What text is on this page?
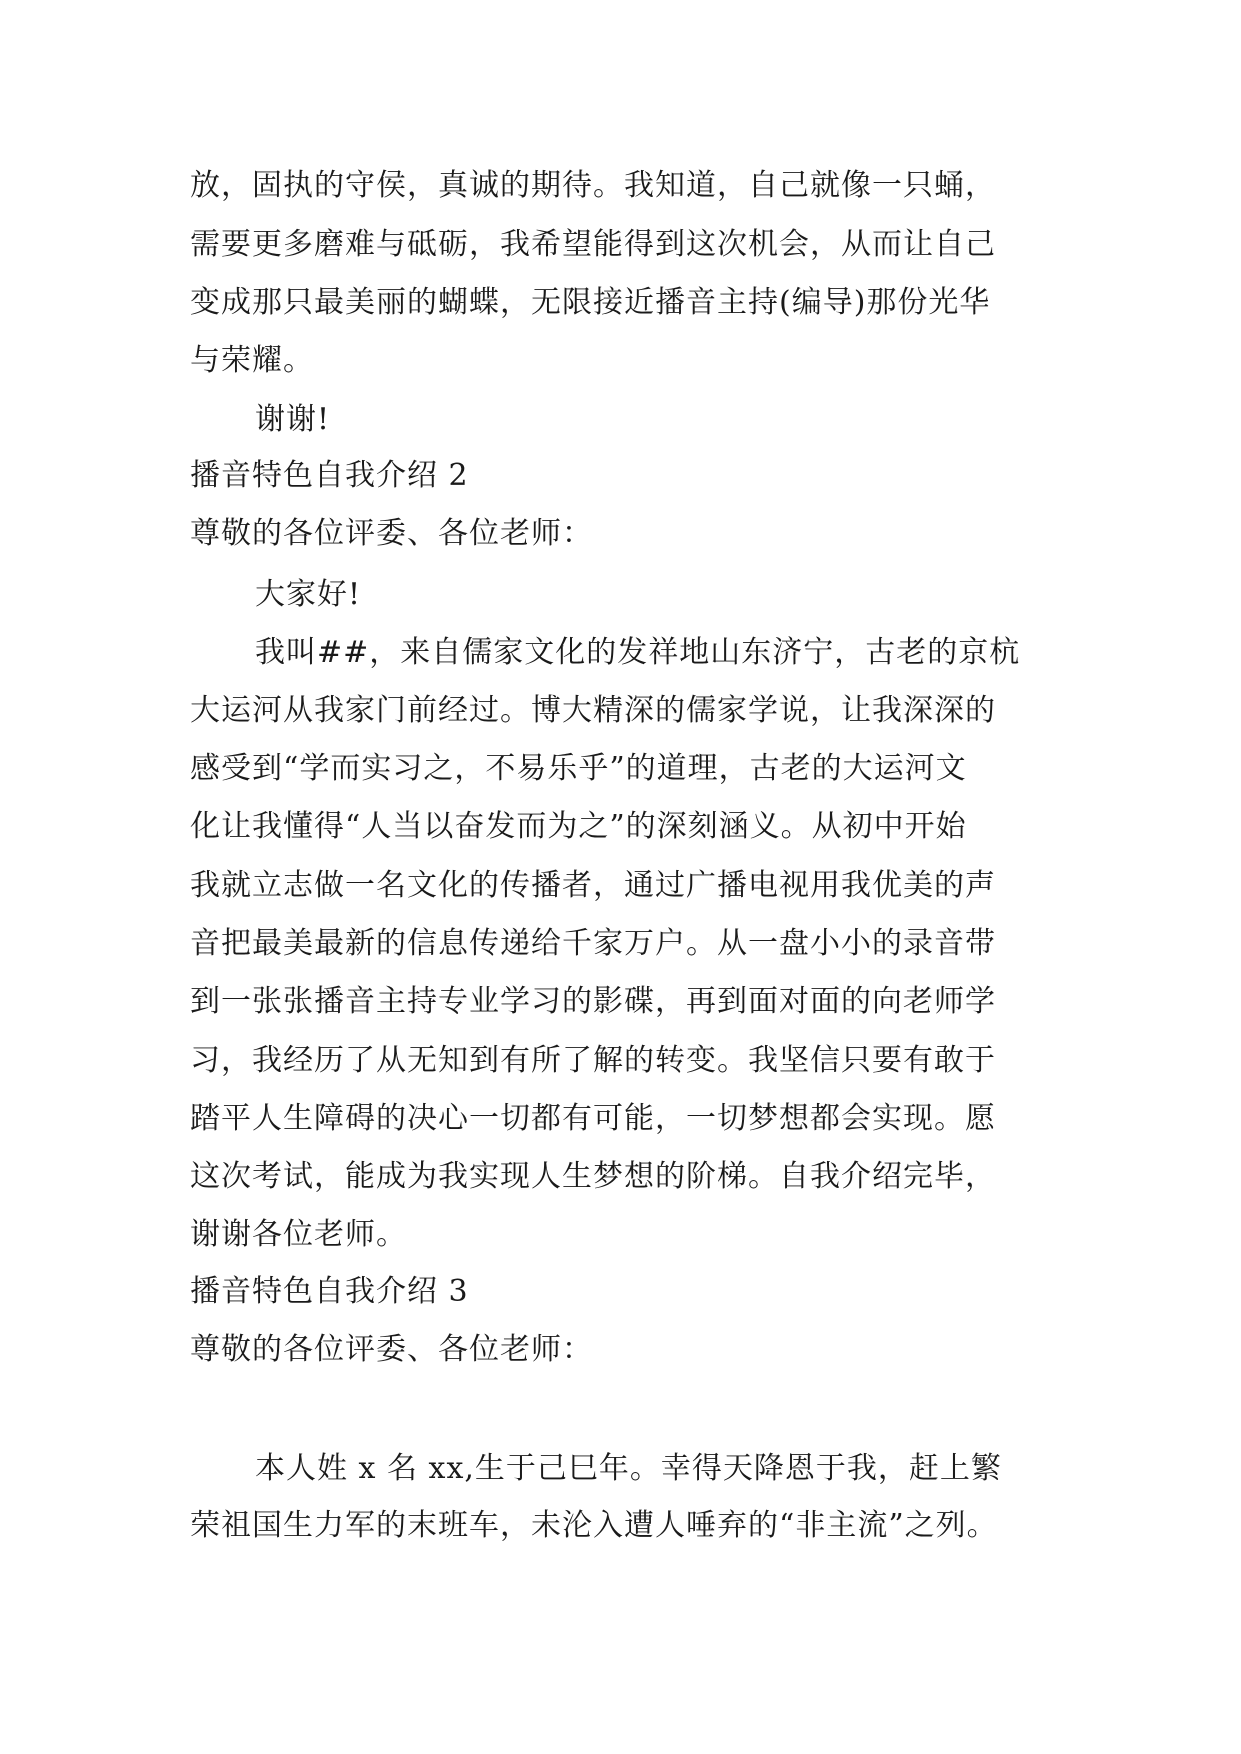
放，固执的守侯，真诚的期待。我知道，自己就像一只蛹，
需要更多磨难与砥砺，我希望能得到这次机会，从而让自己
变成那只最美丽的蝴蝶，无限接近播音主持(编导)那份光华
与荣耀。
谢谢!
播音特色自我介绍 2
尊敬的各位评委、各位老师：
大家好!
我叫##，来自儒家文化的发祥地山东济宁，古老的京杭
大运河从我家门前经过。博大精深的儒家学说，让我深深的
感受到“学而实习之，不易乐乎”的道理，古老的大运河文
化让我懂得“人当以奋发而为之”的深刻涵义。从初中开始
我就立志做一名文化的传播者，通过广播电视用我优美的声
音把最美最新的信息传递给千家万户。从一盘小小的录音带
到一张张播音主持专业学习的影碟，再到面对面的向老师学
习，我经历了从无知到有所了解的转变。我坚信只要有敢于
踏平人生障碍的决心一切都有可能，一切梦想都会实现。愿
这次考试，能成为我实现人生梦想的阶梯。自我介绍完毕，
谢谢各位老师。
播音特色自我介绍 3
尊敬的各位评委、各位老师：
本人姓 x 名 xx,生于己巳年。幸得天降恩于我，赶上繁
荣祖国生力军的末班车，未沦入遭人唾弃的“非主流”之列。
